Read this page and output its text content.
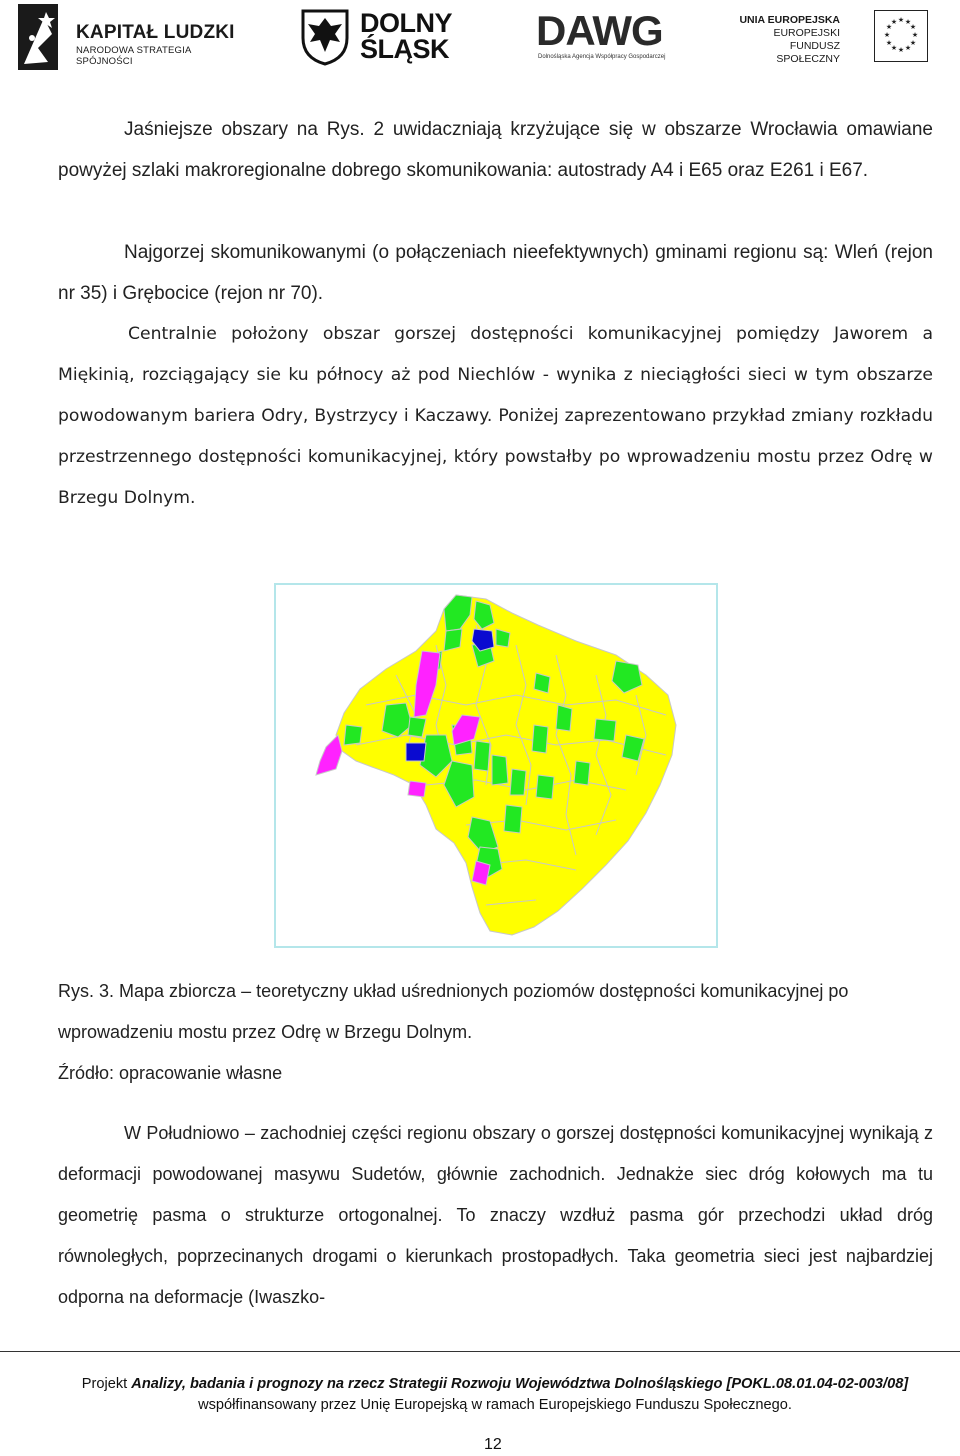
KAPITAŁ LUDZKI
NARODOWA STRATEGIA SPÓJNOŚCI
DOLNY
ŚLĄSK DAWG
Dolnośląska Agencja Współpracy Gospodarczej
UNIA EUROPEJSKA
EUROPEJSKI
FUNDUSZ SPOŁECZNY
★ ★
★
★
★
★
★
★
★
★
★
★

Jaśniejsze obszary na Rys. 2 uwidaczniają krzyżujące się w obszarze Wrocławia omawiane powyżej szlaki makroregionalne dobrego skomunikowania: autostrady A4 i E65 oraz E261 i E67.

Najgorzej skomunikowanymi (o połączeniach nieefektywnych) gminami regionu są: Wleń (rejon nr 35) i Grębocice (rejon nr 70).

Centralnie położony obszar gorszej dostępności komunikacyjnej pomiędzy Jaworem a Miękinią, rozciągający sie ku północy aż pod Niechlów - wynika z nieciągłości sieci w tym obszarze powodowanym bariera Odry, Bystrzycy i Kaczawy. Poniżej zaprezentowano przykład zmiany rozkładu przestrzennego dostępności komunikacyjnej, który powstałby po wprowadzeniu mostu przez Odrę w Brzegu Dolnym.

Rys. 3. Mapa zbiorcza – teoretyczny układ uśrednionych poziomów dostępności komunikacyjnej po wprowadzeniu mostu przez Odrę w Brzegu Dolnym.

Źródło: opracowanie własne

W Południowo – zachodniej części regionu obszary o gorszej dostępności komunikacyjnej wynikają z deformacji powodowanej masywu Sudetów, głównie zachodnich. Jednakże siec dróg kołowych ma tu geometrię pasma o strukturze ortogonalnej. To znaczy wzdłuż pasma gór przechodzi układ dróg równoległych, poprzecinanych drogami o kierunkach prostopadłych. Taka geometria sieci jest najbardziej odporna na deformacje (Iwaszko-

Projekt Analizy, badania i prognozy na rzecz Strategii Rozwoju Województwa Dolnośląskiego [POKL.08.01.04-02-003/08]

współfinansowany przez Unię Europejską w ramach Europejskiego Funduszu Społecznego.

12
